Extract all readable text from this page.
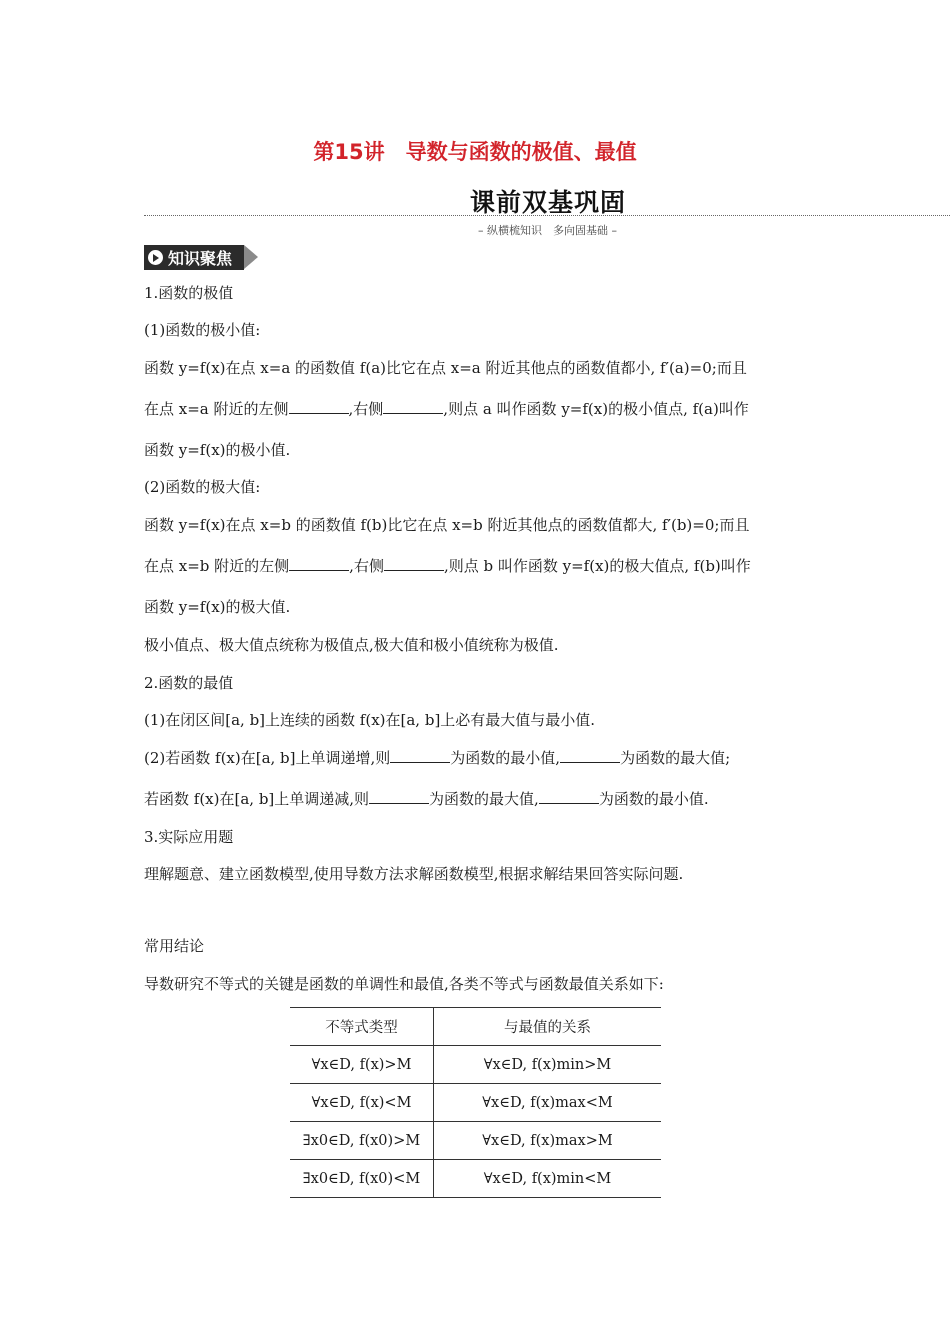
第15讲　导数与函数的极值、最值
课前双基巩固
– 纵横梳知识　多向固基础 –
知识聚焦
1.函数的极值
(1)函数的极小值:
函数 y=f(x)在点 x=a 的函数值 f(a)比它在点 x=a 附近其他点的函数值都小, f′(a)=0;而且
在点 x=a 附近的左侧	,右侧	,则点 a 叫作函数 y=f(x)的极小值点, f(a)叫作
函数 y=f(x)的极小值.
(2)函数的极大值:
函数 y=f(x)在点 x=b 的函数值 f(b)比它在点 x=b 附近其他点的函数值都大, f′(b)=0;而且
在点 x=b 附近的左侧	,右侧	,则点 b 叫作函数 y=f(x)的极大值点, f(b)叫作
函数 y=f(x)的极大值.
极小值点、极大值点统称为极值点,极大值和极小值统称为极值.
2.函数的最值
(1)在闭区间[a, b]上连续的函数 f(x)在[a, b]上必有最大值与最小值.
(2)若函数 f(x)在[a, b]上单调递增,则	为函数的最小值,	为函数的最大值;
若函数 f(x)在[a, b]上单调递减,则	为函数的最大值,	为函数的最小值.
3.实际应用题
理解题意、建立函数模型,使用导数方法求解函数模型,根据求解结果回答实际问题.
常用结论
导数研究不等式的关键是函数的单调性和最值,各类不等式与函数最值关系如下:
不等式类型	与最值的关系
∀x∈D, f(x)>M	∀x∈D, f(x)min>M
∀x∈D, f(x)<M	∀x∈D, f(x)max<M
∃x0∈D, f(x0)>M	∀x∈D, f(x)max>M
∃x0∈D, f(x0)<M	∀x∈D, f(x)min<M
